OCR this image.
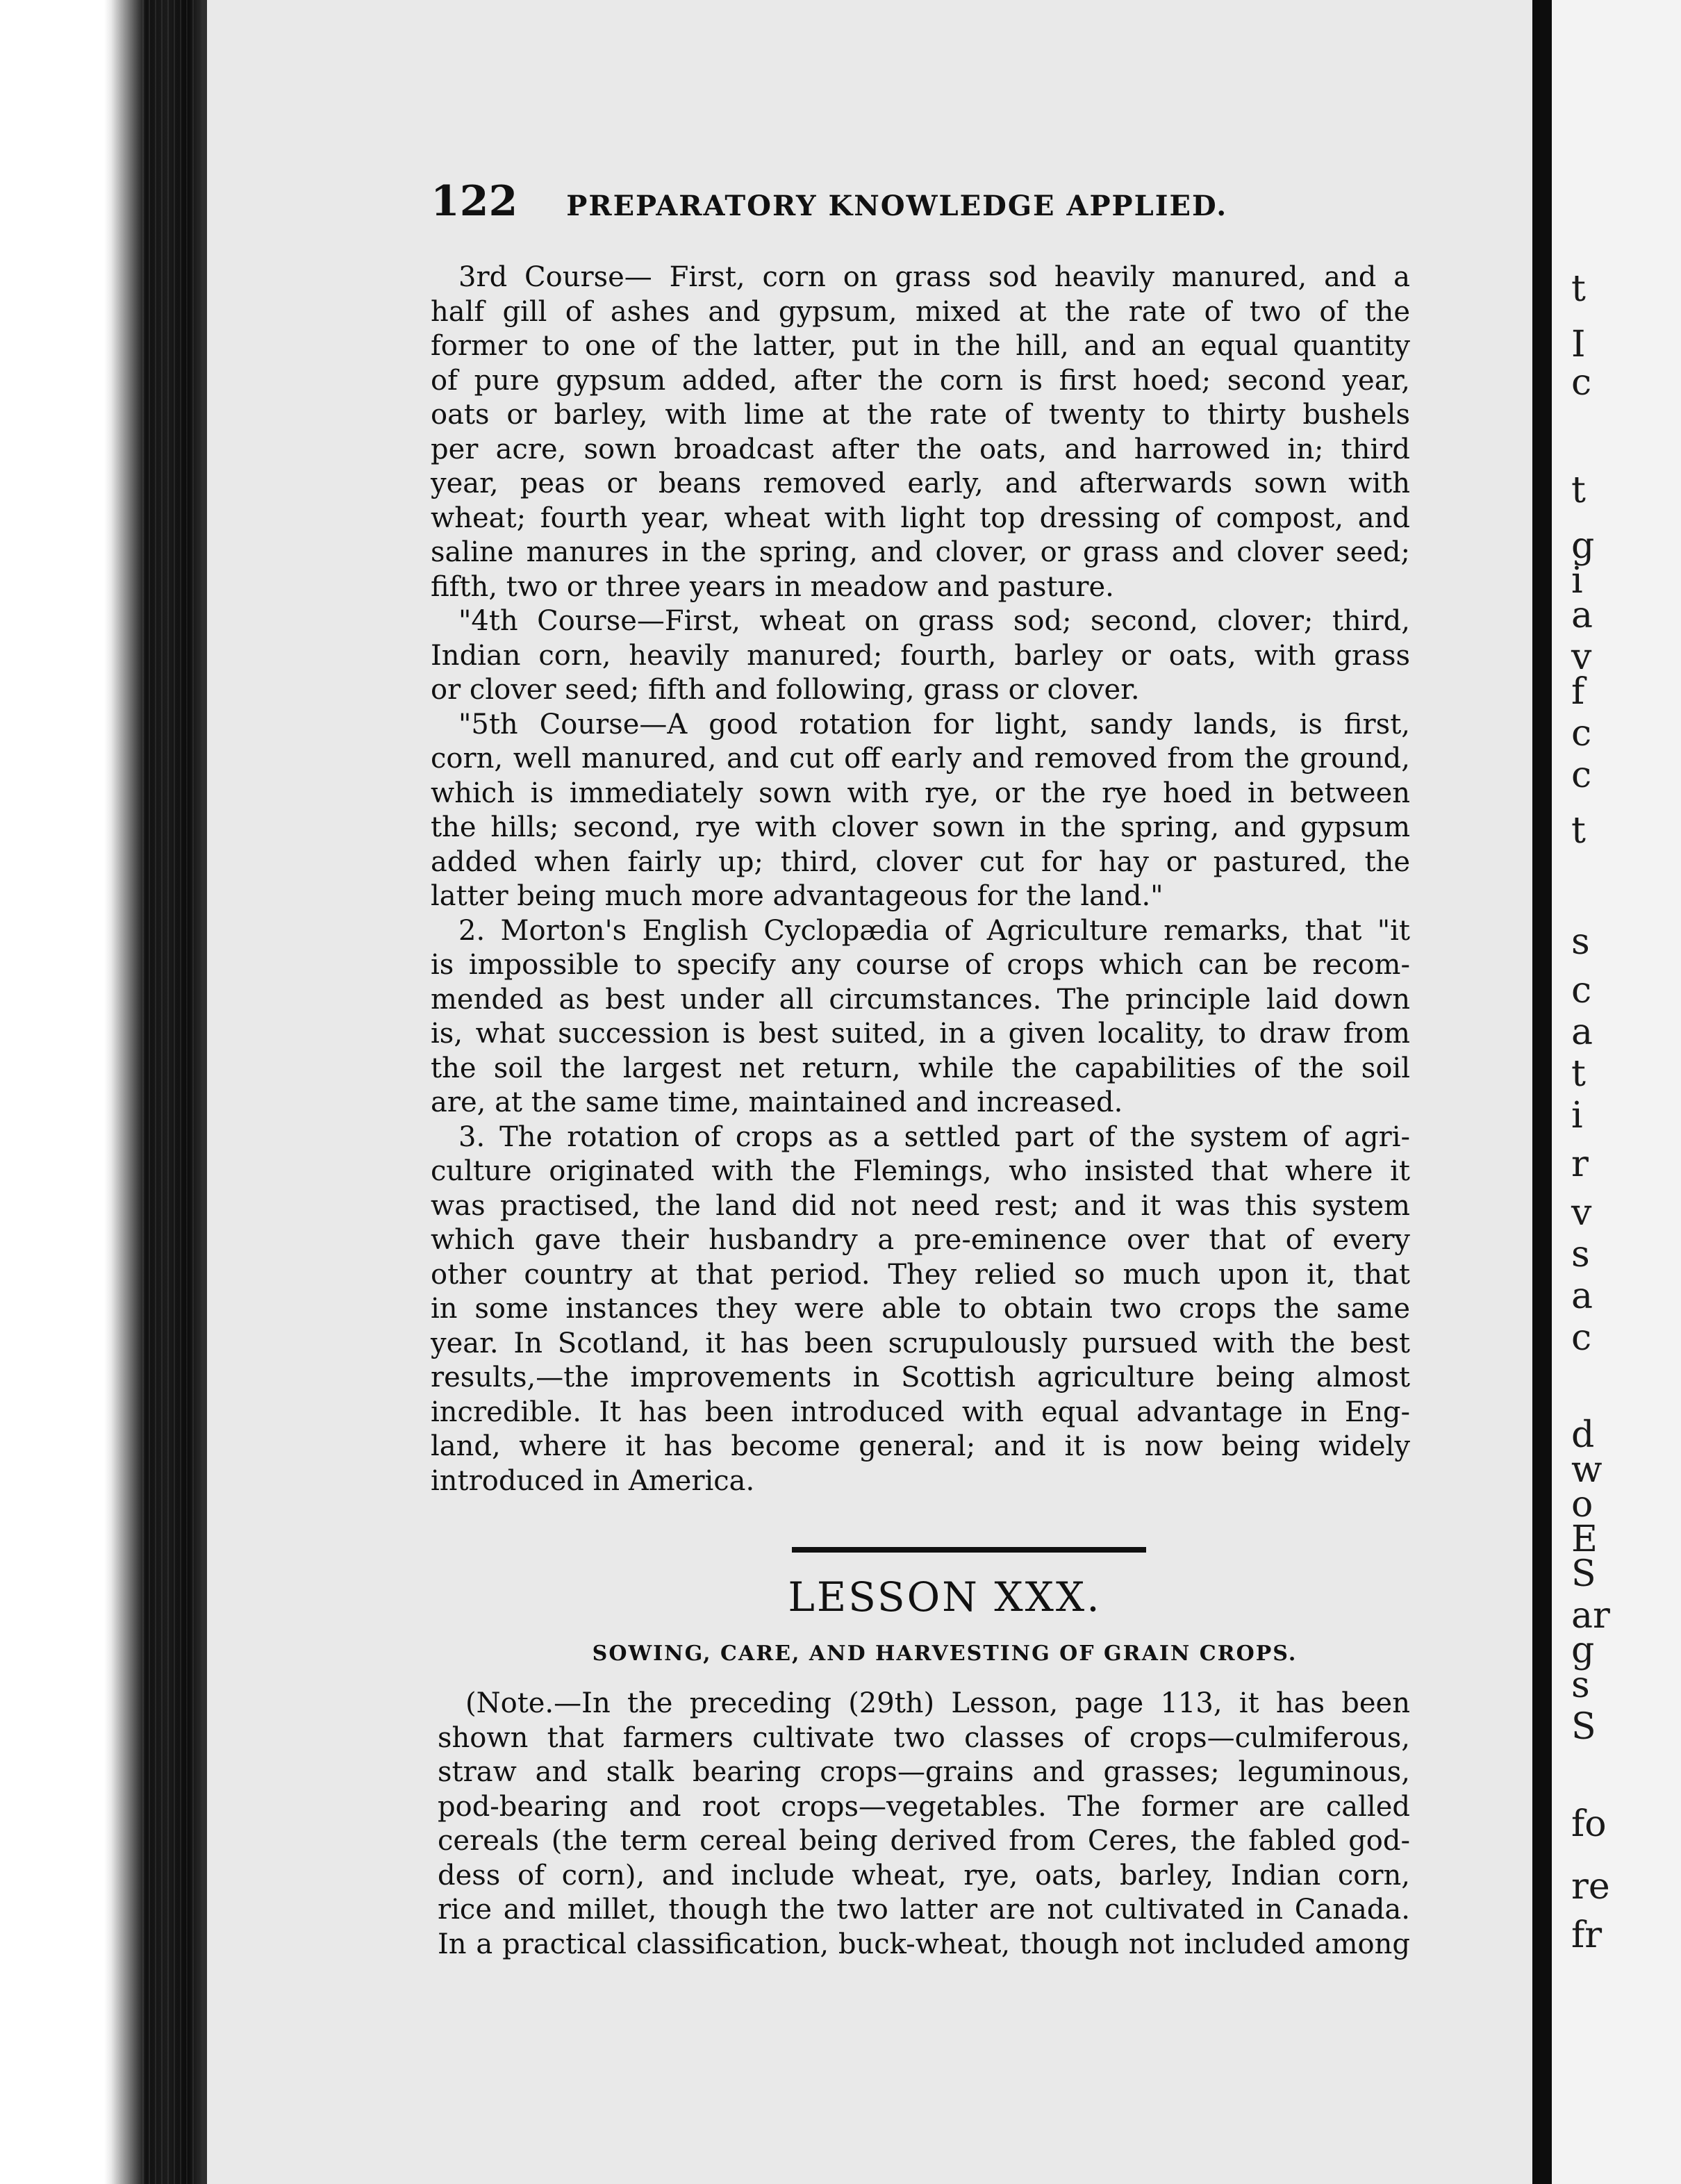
122 PREPARATORY KNOWLEDGE APPLIED.
3rd Course— First, corn on grass sod heavily manured, and a
half gill of ashes and gypsum, mixed at the rate of two of the
former to one of the latter, put in the hill, and an equal quantity
of pure gypsum added, after the corn is first hoed; second year,
oats or barley, with lime at the rate of twenty to thirty bushels
per acre, sown broadcast after the oats, and harrowed in; third
year, peas or beans removed early, and afterwards sown with
wheat; fourth year, wheat with light top dressing of compost, and
saline manures in the spring, and clover, or grass and clover seed;
fifth, two or three years in meadow and pasture.
"4th Course—First, wheat on grass sod; second, clover; third,
Indian corn, heavily manured; fourth, barley or oats, with grass
or clover seed; fifth and following, grass or clover.
"5th Course—A good rotation for light, sandy lands, is first,
corn, well manured, and cut off early and removed from the ground,
which is immediately sown with rye, or the rye hoed in between
the hills; second, rye with clover sown in the spring, and gypsum
added when fairly up; third, clover cut for hay or pastured, the
latter being much more advantageous for the land."
2. Morton's English Cyclopædia of Agriculture remarks, that "it
is impossible to specify any course of crops which can be recom-
mended as best under all circumstances. The principle laid down
is, what succession is best suited, in a given locality, to draw from
the soil the largest net return, while the capabilities of the soil
are, at the same time, maintained and increased.
3. The rotation of crops as a settled part of the system of agri-
culture originated with the Flemings, who insisted that where it
was practised, the land did not need rest; and it was this system
which gave their husbandry a pre-eminence over that of every
other country at that period. They relied so much upon it, that
in some instances they were able to obtain two crops the same
year. In Scotland, it has been scrupulously pursued with the best
results,—the improvements in Scottish agriculture being almost
incredible. It has been introduced with equal advantage in Eng-
land, where it has become general; and it is now being widely
introduced in America.
LESSON XXX.
SOWING, CARE, AND HARVESTING OF GRAIN CROPS.
(Note.—In the preceding (29th) Lesson, page 113, it has been
shown that farmers cultivate two classes of crops—culmiferous,
straw and stalk bearing crops—grains and grasses; leguminous,
pod-bearing and root crops—vegetables. The former are called
cereals (the term cereal being derived from Ceres, the fabled god-
dess of corn), and include wheat, rye, oats, barley, Indian corn,
rice and millet, though the two latter are not cultivated in Canada.
In a practical classification, buck-wheat, though not included among
t
I
c
t
g
i
a
v
f
c
c
t
s
c
a
t
i
r
v
s
a
c
d
w
o
E
S
ar
g
s
S
fo
re
fr
